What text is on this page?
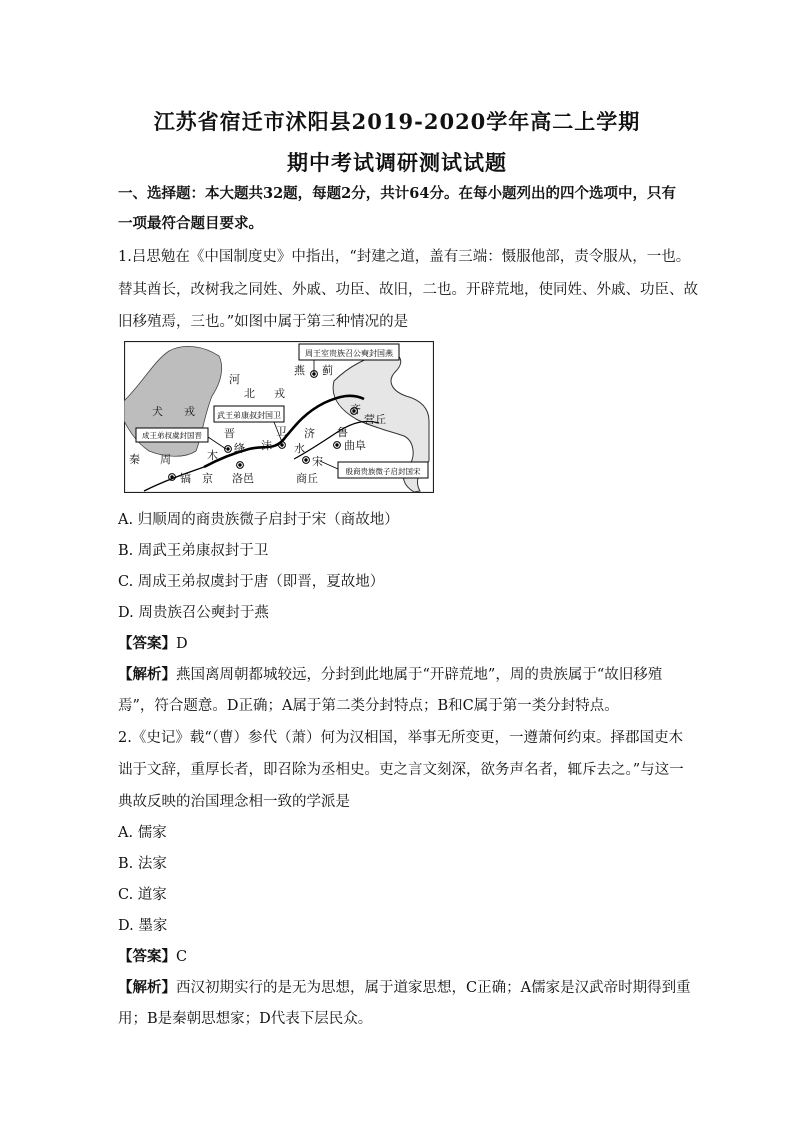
江苏省宿迁市沭阳县2019-2020学年高二上学期
期中考试调研测试试题
一、选择题：本大题共32题，每题2分，共计64分。在每小题列出的四个选项中，只有
一项最符合题目要求。
1.吕思勉在《中国制度史》中指出，“封建之道，盖有三端：慑服他部，责令服从，一也。
替其酋长，改树我之同姓、外戚、功臣、故旧，二也。开辟荒地，使同姓、外戚、功臣、故
旧移殖焉，三也。”如图中属于第三种情况的是
周王室贵族召公奭封国燕
武王弟康叔封国卫
成王弟叔虞封国晋
殷商贵族微子启封国宋
河
北 戎
燕 蓟
犬 戎	齐
营丘
晋
绛
卫
沫
济
水
鲁
曲阜
木
秦 周
镐 京 洛邑
宋
商丘
A. 归顺周的商贵族微子启封于宋（商故地）
B. 周武王弟康叔封于卫
C. 周成王弟叔虞封于唐（即晋，夏故地）
D. 周贵族召公奭封于燕
【答案】D
【解析】燕国离周朝都城较远，分封到此地属于“开辟荒地”，周的贵族属于“故旧移殖
焉”，符合题意。D正确；A属于第二类分封特点；B和C属于第一类分封特点。
2.《史记》载“（曹）参代（萧）何为汉相国，举事无所变更，一遵萧何约束。择郡国吏木
诎于文辞，重厚长者，即召除为丞相史。吏之言文刻深，欲务声名者，辄斥去之。”与这一
典故反映的治国理念相一致的学派是
A. 儒家
B. 法家
C. 道家
D. 墨家
【答案】C
【解析】西汉初期实行的是无为思想，属于道家思想，C正确；A儒家是汉武帝时期得到重
用；B是秦朝思想家；D代表下层民众。
